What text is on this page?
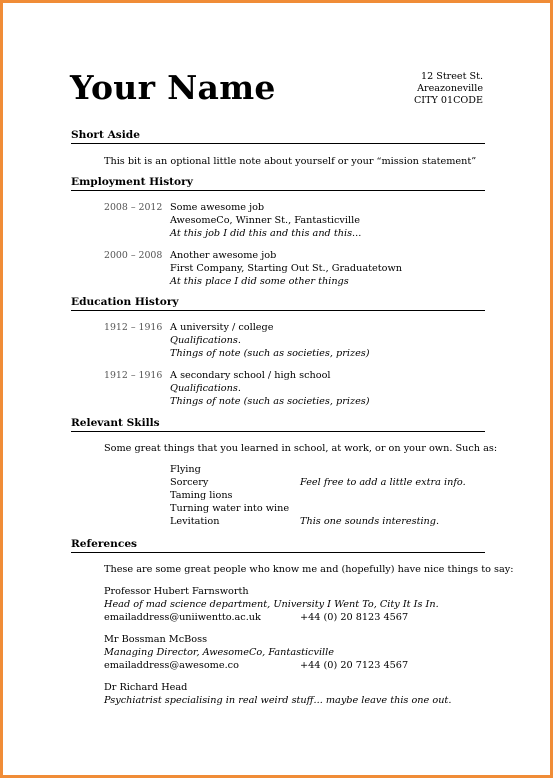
Your Name	12 Street St.
Areazoneville
CITY 01CODE
Short Aside
This bit is an optional little note about yourself or your “mission statement”
Employment History
2008 – 2012 Some awesome job
AwesomeCo, Winner St., Fantasticville
At this job I did this and this and this...
2000 – 2008 Another awesome job
First Company, Starting Out St., Graduatetown
At this place I did some other things
Education History
1912 – 1916 A university / college
Qualifications.
Things of note (such as societies, prizes)
1912 – 1916 A secondary school / high school
Qualifications.
Things of note (such as societies, prizes)
Relevant Skills
Some great things that you learned in school, at work, or on your own. Such as:
Flying
Sorcery	Feel free to add a little extra info.
Taming lions
Turning water into wine
Levitation	This one sounds interesting.
References
These are some great people who know me and (hopefully) have nice things to say:
Professor Hubert Farnsworth
Head of mad science department, University I Went To, City It Is In.
emailaddress@uniiwentto.ac.uk	+44 (0) 20 8123 4567
Mr Bossman McBoss
Managing Director, AwesomeCo, Fantasticville
emailaddress@awesome.co	+44 (0) 20 7123 4567
Dr Richard Head
Psychiatrist specialising in real weird stuff... maybe leave this one out.
